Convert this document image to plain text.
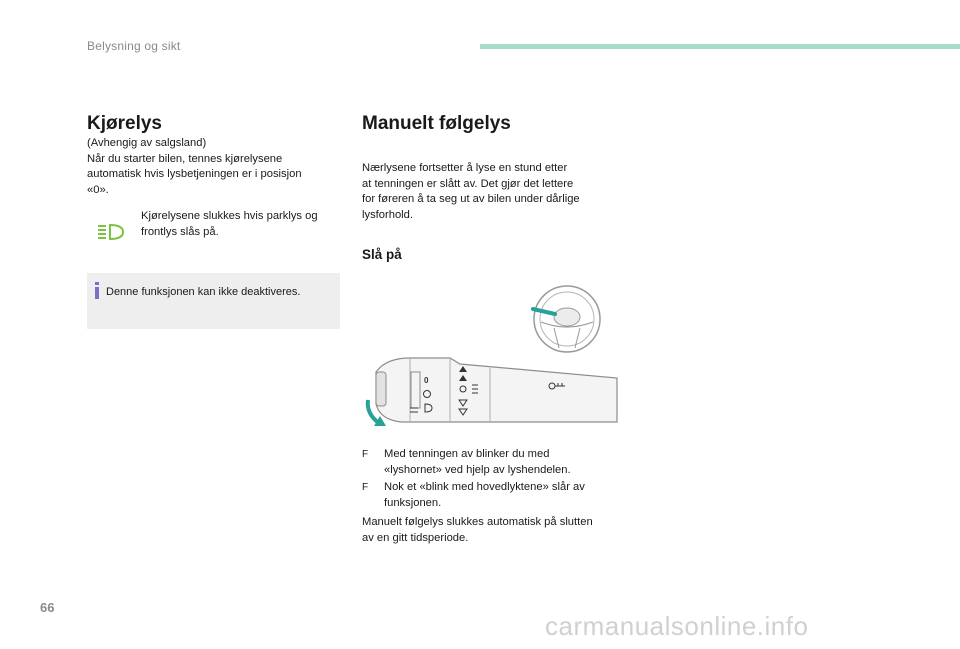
Belysning og sikt
Kjørelys
(Avhengig av salgsland)
Når du starter bilen, tennes kjørelysene
automatisk hvis lysbetjeningen er i posisjon
«0».
Kjørelysene slukkes hvis parklys og
frontlys slås på.
Denne funksjonen kan ikke deaktiveres.
Manuelt følgelys
Nærlysene fortsetter å lyse en stund etter
at tenningen er slått av. Det gjør det lettere
for føreren å ta seg ut av bilen under dårlige
lysforhold.
Slå på
0
F Med tenningen av blinker du med
«lyshornet» ved hjelp av lyshendelen.
F Nok et «blink med hovedlyktene» slår av
funksjonen.
Manuelt følgelys slukkes automatisk på slutten
av en gitt tidsperiode.
66
carmanualsonline.info
